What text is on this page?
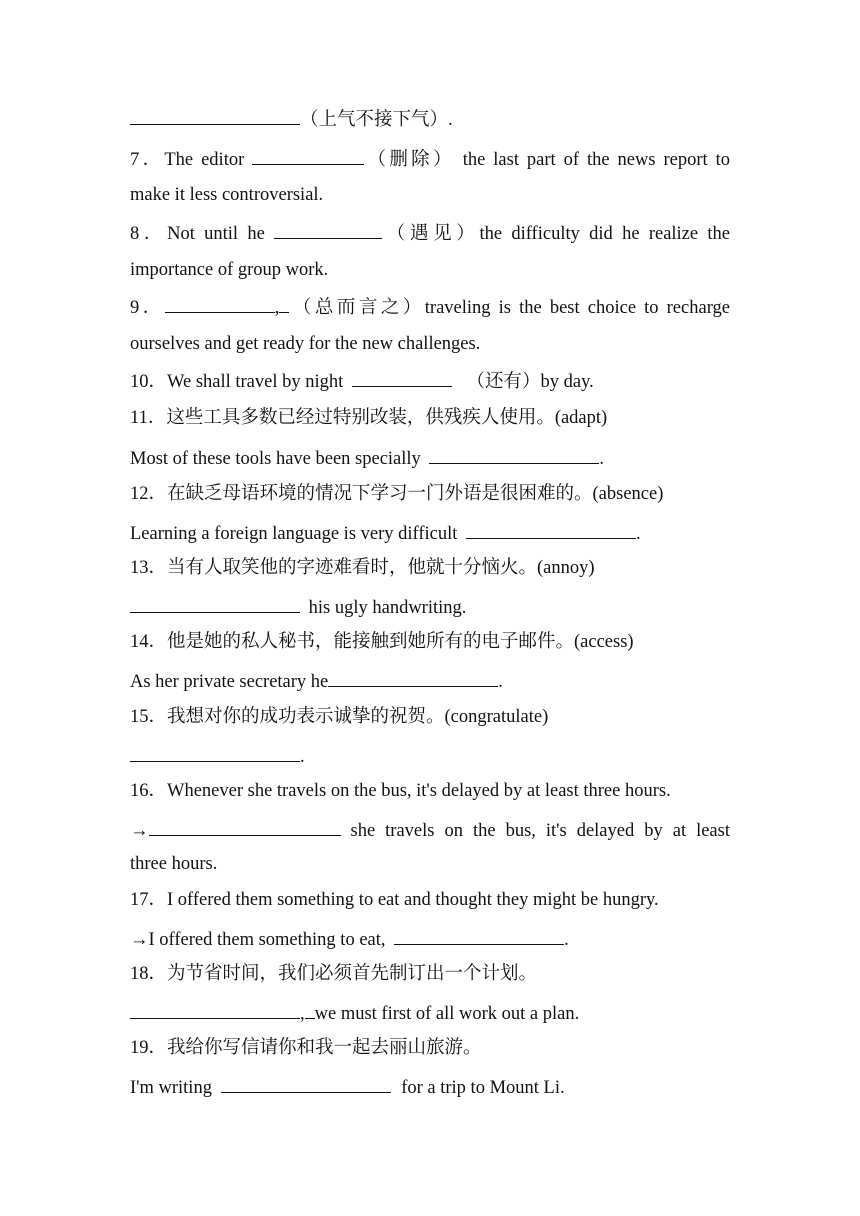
（上气不接下气）.
7．The editor	（删除） the last part of the news report to
make it less controversial.
8．Not until he	（遇见）the difficulty did he realize the
importance of group work.
9．	, （总而言之）traveling is the best choice to recharge
ourselves and get ready for the new challenges.
10．We shall travel by night	（还有）by day.
11．这些工具多数已经过特别改装，供残疾人使用。(adapt)
Most of these tools have been specially	.
12．在缺乏母语环境的情况下学习一门外语是很困难的。(absence)
Learning a foreign language is very difficult	.
13．当有人取笑他的字迹难看时，他就十分恼火。(annoy)
his ugly handwriting.
14．他是她的私人秘书，能接触到她所有的电子邮件。(access)
As her private secretary he	.
15．我想对你的成功表示诚挚的祝贺。(congratulate)
.
16．Whenever she travels on the bus, it's delayed by at least three hours.
→	she travels on the bus, it's delayed by at least
three hours.
17．I offered them something to eat and thought they might be hungry.
→I offered them something to eat,	.
18．为节省时间，我们必须首先制订出一个计划。
, we must first of all work out a plan.
19．我给你写信请你和我一起去丽山旅游。
I'm writing	for a trip to Mount Li.
